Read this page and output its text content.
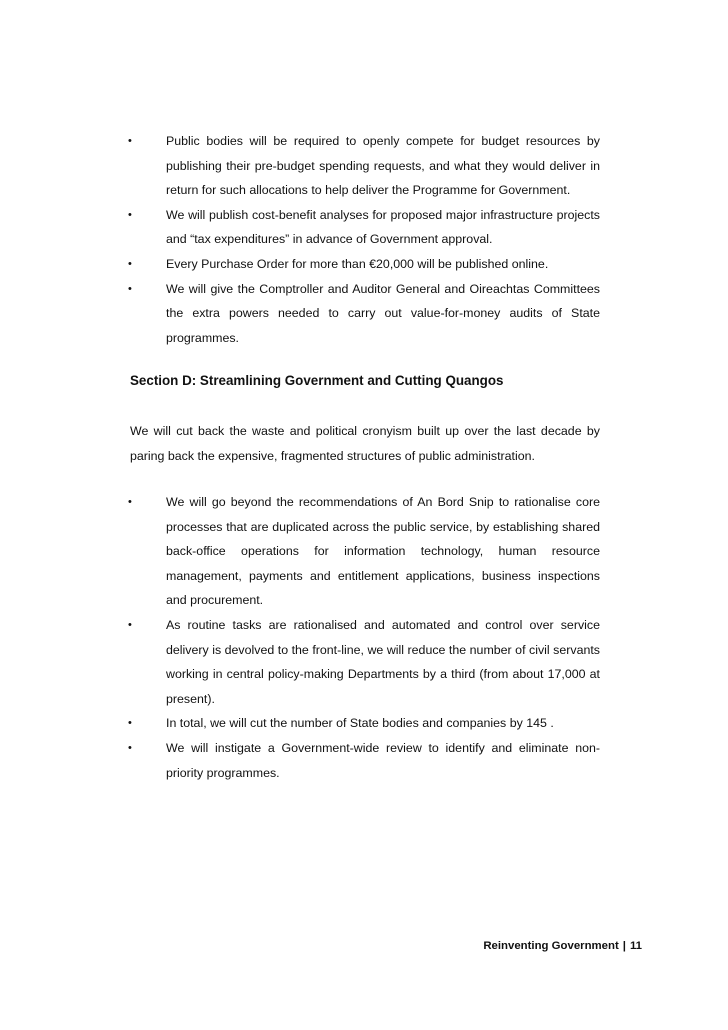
•	Public bodies will be required to openly compete for budget resources by publishing their pre-budget spending requests, and what they would deliver in return for such allocations to help deliver the Programme for Government.
•	We will publish cost-benefit analyses for proposed major infrastructure projects and “tax expenditures” in advance of Government approval.
•	Every Purchase Order for more than €20,000 will be published online.
•	We will give the Comptroller and Auditor General and Oireachtas Committees the extra powers needed to carry out value-for-money audits of State programmes.
Section D: Streamlining Government and Cutting Quangos

We will cut back the waste and political cronyism built up over the last decade by paring back the expensive, fragmented structures of public administration.

•	We will go beyond the recommendations of An Bord Snip to rationalise core processes that are duplicated across the public service, by establishing shared back-office operations for information technology, human resource management, payments and entitlement applications, business inspections and procurement.
•	As routine tasks are rationalised and automated and control over service delivery is devolved to the front-line, we will reduce the number of civil servants working in central policy-making Departments by a third (from about 17,000 at present).
•	In total, we will cut the number of State bodies and companies by 145 .
•	We will instigate a Government-wide review to identify and eliminate non-priority programmes.

Reinventing Government | 11
